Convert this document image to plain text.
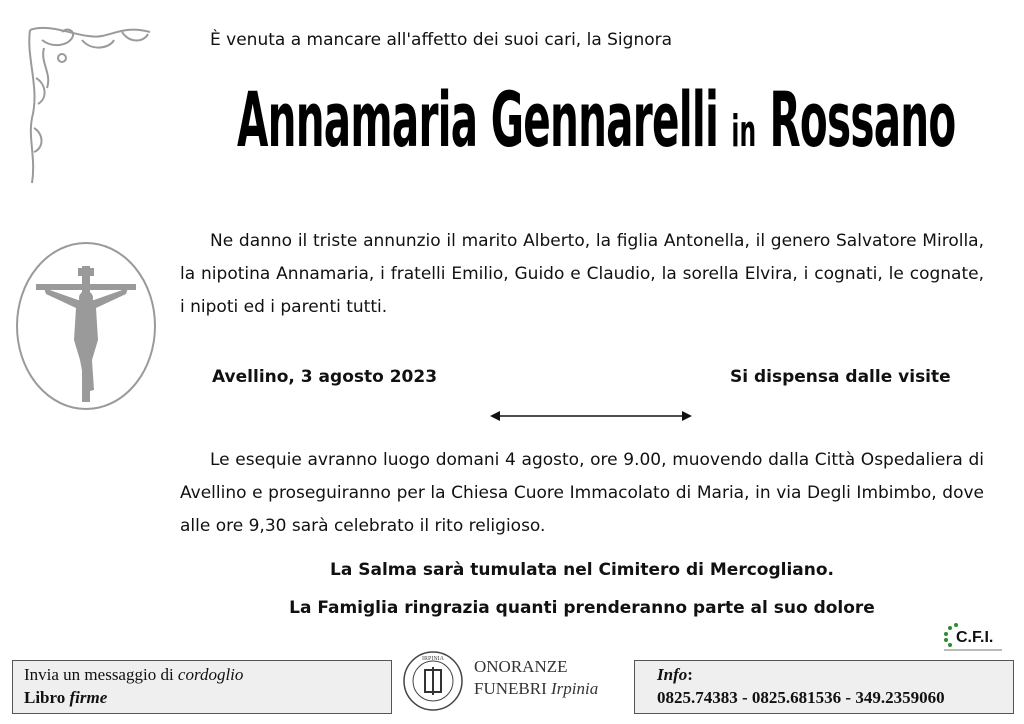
È venuta a mancare all'affetto dei suoi cari, la Signora
Annamaria Gennarelli in Rossano
Ne danno il triste annunzio il marito Alberto, la figlia Antonella, il genero Salvatore Mirolla, la nipotina Annamaria, i fratelli Emilio, Guido e Claudio, la sorella Elvira, i cognati, le cognate, i nipoti ed i parenti tutti.
Avellino, 3 agosto 2023	Si dispensa dalle visite
Le esequie avranno luogo domani 4 agosto, ore 9.00, muovendo dalla Città Ospedaliera di Avellino e proseguiranno per la Chiesa Cuore Immacolato di Maria, in via Degli Imbimbo, dove alle ore 9,30 sarà celebrato il rito religioso.
La Salma sarà tumulata nel Cimitero di Mercogliano.
La Famiglia ringrazia quanti prenderanno parte al suo dolore
C.F.I.
Invia un messaggio di cordoglio
Libro firme
IRPINIA ONORANZE
FUNEBRI Irpinia
Info:
0825.74383 - 0825.681536 - 349.2359060
